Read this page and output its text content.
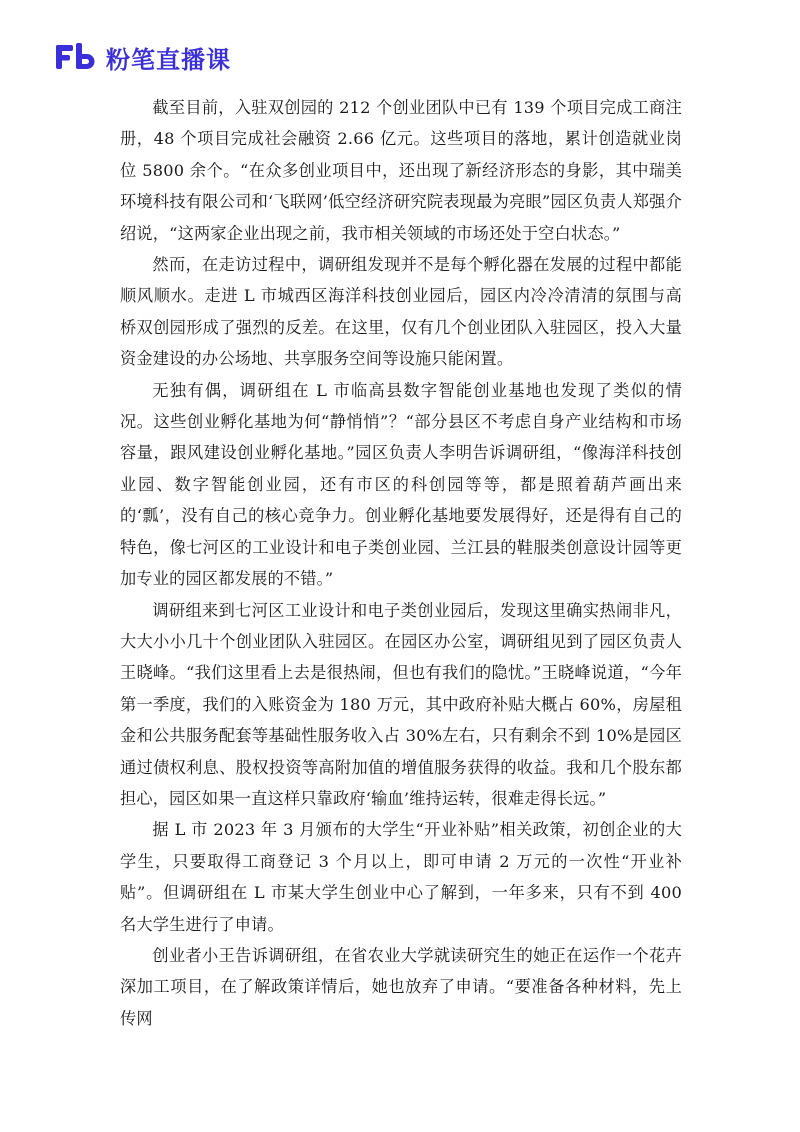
粉笔直播课

截至目前，入驻双创园的 212 个创业团队中已有 139 个项目完成工商注册，48 个项目完成社会融资 2.66 亿元。这些项目的落地，累计创造就业岗位 5800 余个。“在众多创业项目中，还出现了新经济形态的身影，其中瑞美环境科技有限公司和‘飞联网’低空经济研究院表现最为亮眼”园区负责人郑强介绍说，“这两家企业出现之前，我市相关领域的市场还处于空白状态。”

然而，在走访过程中，调研组发现并不是每个孵化器在发展的过程中都能顺风顺水。走进 L 市城西区海洋科技创业园后，园区内冷冷清清的氛围与高桥双创园形成了强烈的反差。在这里，仅有几个创业团队入驻园区，投入大量资金建设的办公场地、共享服务空间等设施只能闲置。

无独有偶，调研组在 L 市临高县数字智能创业基地也发现了类似的情况。这些创业孵化基地为何“静悄悄”？“部分县区不考虑自身产业结构和市场容量，跟风建设创业孵化基地。”园区负责人李明告诉调研组，“像海洋科技创业园、数字智能创业园，还有市区的科创园等等，都是照着葫芦画出来的‘瓢’，没有自己的核心竞争力。创业孵化基地要发展得好，还是得有自己的特色，像七河区的工业设计和电子类创业园、兰江县的鞋服类创意设计园等更加专业的园区都发展的不错。”

调研组来到七河区工业设计和电子类创业园后，发现这里确实热闹非凡，大大小小几十个创业团队入驻园区。在园区办公室，调研组见到了园区负责人王晓峰。“我们这里看上去是很热闹，但也有我们的隐忧。”王晓峰说道，“今年第一季度，我们的入账资金为 180 万元，其中政府补贴大概占 60%，房屋租金和公共服务配套等基础性服务收入占 30%左右，只有剩余不到 10%是园区通过债权利息、股权投资等高附加值的增值服务获得的收益。我和几个股东都担心，园区如果一直这样只靠政府‘输血’维持运转，很难走得长远。”

据 L 市 2023 年 3 月颁布的大学生“开业补贴”相关政策，初创企业的大学生，只要取得工商登记 3 个月以上，即可申请 2 万元的一次性“开业补贴”。但调研组在 L 市某大学生创业中心了解到，一年多来，只有不到 400 名大学生进行了申请。

创业者小王告诉调研组，在省农业大学就读研究生的她正在运作一个花卉深加工项目，在了解政策详情后，她也放弃了申请。“要准备各种材料，先上传网
